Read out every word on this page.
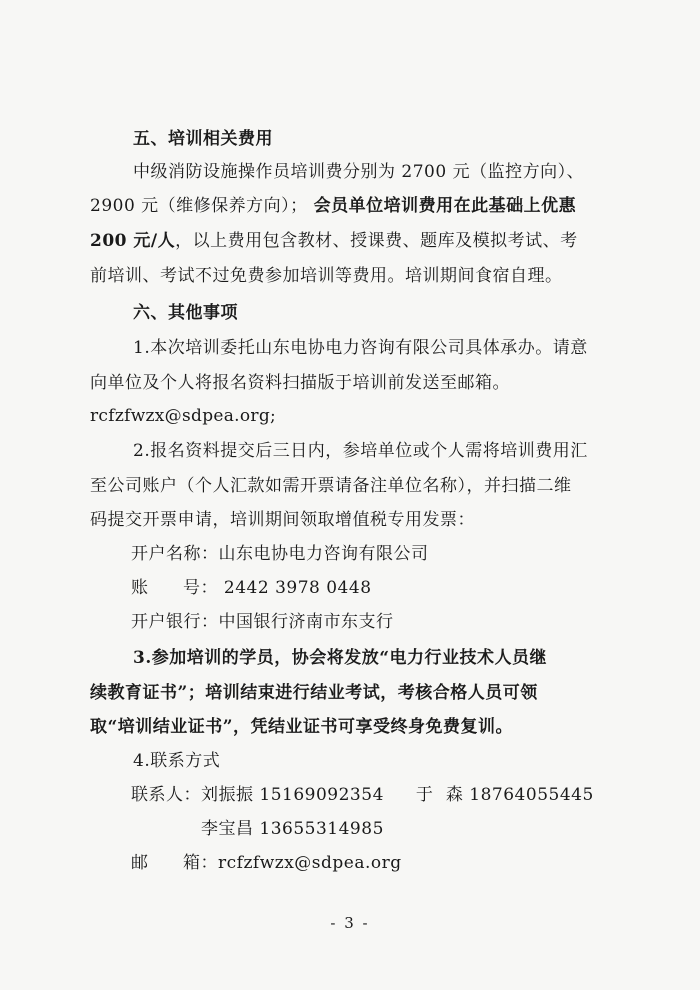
五、培训相关费用
中级消防设施操作员培训费分别为 2700 元（监控方向）、
2900 元（维修保养方向）； 会员单位培训费用在此基础上优惠
200 元/人，以上费用包含教材、授课费、题库及模拟考试、考
前培训、考试不过免费参加培训等费用。培训期间食宿自理。
六、其他事项
1.本次培训委托山东电协电力咨询有限公司具体承办。请意
向单位及个人将报名资料扫描版于培训前发送至邮箱。
rcfzfwzx@sdpea.org;
2.报名资料提交后三日内，参培单位或个人需将培训费用汇
至公司账户（个人汇款如需开票请备注单位名称），并扫描二维
码提交开票申请，培训期间领取增值税专用发票：
开户名称：山东电协电力咨询有限公司
账 号： 2442 3978 0448
开户银行：中国银行济南市东支行
3.参加培训的学员，协会将发放“电力行业技术人员继
续教育证书”；培训结束进行结业考试，考核合格人员可领
取“培训结业证书”，凭结业证书可享受终身免费复训。
4.联系方式
联系人：刘振振 15169092354 于 森 18764055445
李宝昌 13655314985
邮 箱：rcfzfwzx@sdpea.org
- 3 -
